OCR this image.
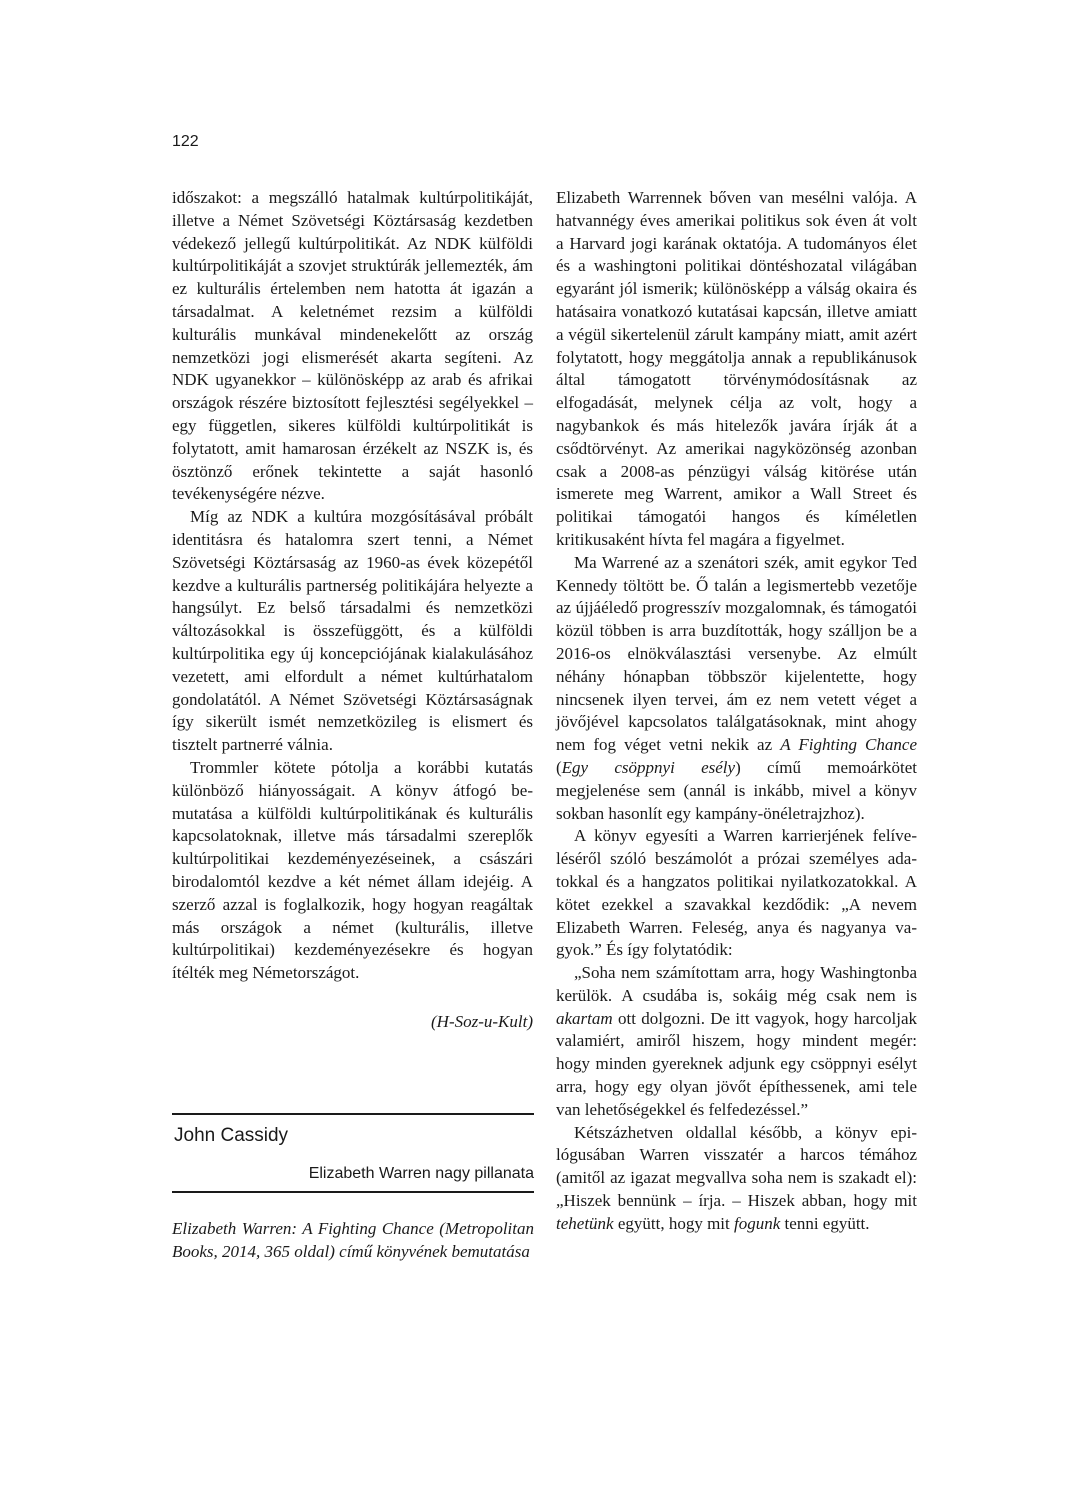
122

időszakot: a megszálló hatalmak kultúrpolitikáját, illetve a Német Szövetségi Köztársaság kezdetben védekező jellegű kultúrpolitikát. Az NDK külföldi kultúrpolitikáját a szovjet struktúrák jellemezték, ám ez kulturális értelemben nem hatotta át igazán a társadalmat. A keletnémet rezsim a külföldi kulturális munkával mindenekelőtt az ország nemzetközi jogi elismerését akarta segíteni. Az NDK ugyanekkor – különösképp az arab és afrikai országok részére biztosított fejlesztési segélyekkel – egy független, sikeres külföldi kultúrpolitikát is folytatott, amit hamarosan érzékelt az NSZK is, és ösztönző erőnek tekintette a saját hasonló tevékenységére nézve.

Míg az NDK a kultúra mozgósításával próbált identitásra és hatalomra szert tenni, a Német Szövetségi Köztársaság az 1960-as évek közepétől kezdve a kulturális partnerség politikájára helyezte a hangsúlyt. Ez belső társadalmi és nemzetközi változásokkal is összefüggött, és a külföldi kultúrpolitika egy új koncepciójának kialakulásához vezetett, ami elfordult a német kultúrhatalom gondolatától. A Német Szövetségi Köztársaságnak így sikerült ismét nemzetközileg is elismert és tisztelt partnerré válnia.

Trommler kötete pótolja a korábbi kutatás különböző hiányosságait. A könyv átfogó bemutatása a külföldi kultúrpolitikának és kulturális kapcsolatoknak, illetve más társadalmi szereplők kultúrpolitikai kezdeményezéseinek, a császári birodalomtól kezdve a két német állam idejéig. A szerző azzal is foglalkozik, hogy hogyan reagáltak más országok a német (kulturális, illetve kultúrpolitikai) kezdeményezésekre és hogyan ítélték meg Németországot.

(H-Soz-u-Kult)

John Cassidy
Elizabeth Warren nagy pillanata
Elizabeth Warren: A Fighting Chance (Metropolitan Books, 2014, 365 oldal) című könyvének bemutatása

Elizabeth Warrennek bőven van mesélni valója. A hatvannégy éves amerikai politikus sok éven át volt a Harvard jogi karának oktatója. A tudományos élet és a washingtoni politikai döntéshozatal világában egyaránt jól ismerik; különösképp a válság okaira és hatásaira vonatkozó kutatásai kapcsán, illetve amiatt a végül sikertelenül zárult kampány miatt, amit azért folytatott, hogy meggátolja annak a republikánusok által támogatott törvénymódosításnak az elfogadását, melynek célja az volt, hogy a nagybankok és más hitelezők javára írják át a csődtörvényt. Az amerikai nagyközönség azonban csak a 2008-as pénzügyi válság kitörése után ismerete meg Warrent, amikor a Wall Street és politikai támogatói hangos és kíméletlen kritikusaként hívta fel magára a figyelmet.

Ma Warrené az a szenátori szék, amit egykor Ted Kennedy töltött be. Ő talán a legismertebb vezetője az újjáéledő progresszív mozgalomnak, és támogatói közül többen is arra buzdították, hogy szálljon be a 2016-os elnökválasztási versenybe. Az elmúlt néhány hónapban többször kijelentette, hogy nincsenek ilyen tervei, ám ez nem vetett véget a jövőjével kapcsolatos találgatásoknak, mint ahogy nem fog véget vetni nekik az A Fighting Chance (Egy csöppnyi esély) című memoárkötet megjelenése sem (annál is inkább, mivel a könyv sokban hasonlít egy kampány-önéletrajzhoz).

A könyv egyesíti a Warren karrierjének felíveléséről szóló beszámolót a prózai személyes adatokkal és a hangzatos politikai nyilatkozatokkal. A kötet ezekkel a szavakkal kezdődik: „A nevem Elizabeth Warren. Feleség, anya és nagyanya vagyok.” És így folytatódik:

„Soha nem számítottam arra, hogy Washingtonba kerülök. A csudába is, sokáig még csak nem is akartam ott dolgozni. De itt vagyok, hogy harcoljak valamiért, amiről hiszem, hogy mindent megér: hogy minden gyereknek adjunk egy csöppnyi esélyt arra, hogy egy olyan jövőt építhessenek, ami tele van lehetőségekkel és felfedezéssel.”

Kétszázhetven oldallal később, a könyv epilógusában Warren visszatér a harcos témához (amitől az igazat megvallva soha nem is szakadt el): „Hiszek bennünk – írja. – Hiszek abban, hogy mit tehetünk együtt, hogy mit fogunk tenni együtt.
